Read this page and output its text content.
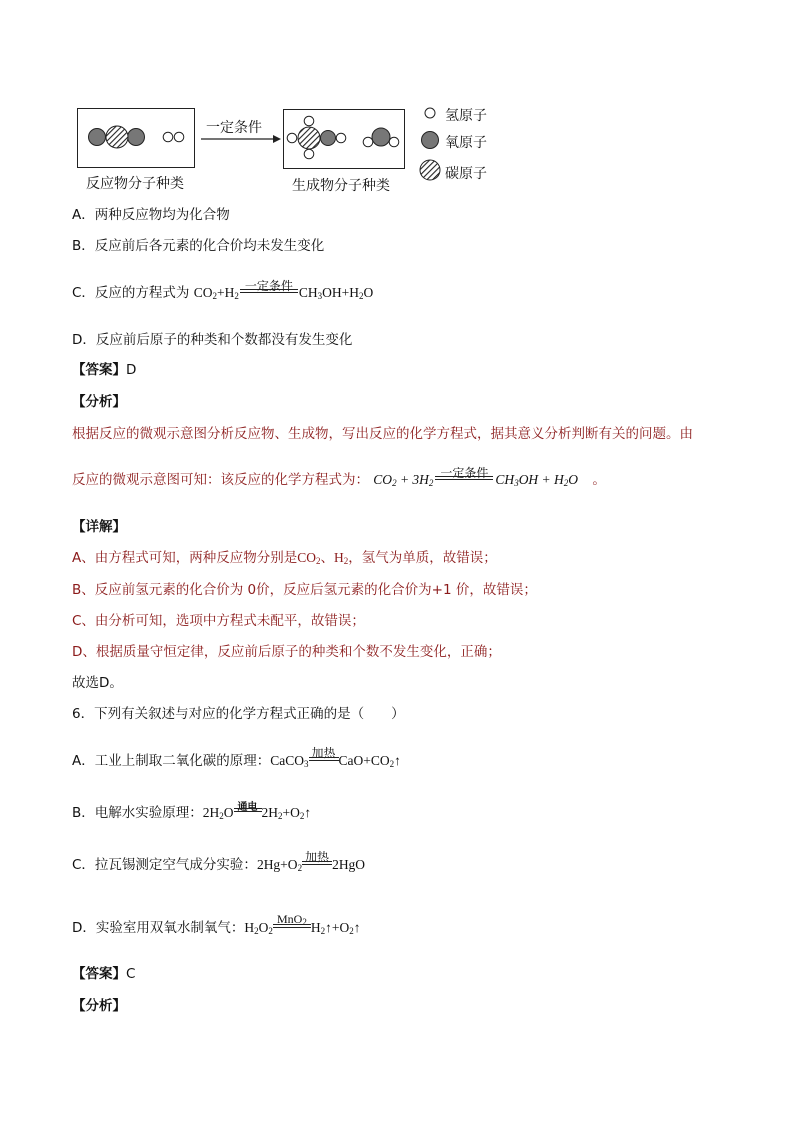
一定条件
反应物分子种类	生成物分子种类
氢原子
氧原子
碳原子
A．两种反应物均为化合物
B．反应前后各元素的化合价均未发生变化
C．反应的方程式为 $CO_2+H_2$
一定条件 $CH_3OH+H_2O$
D．反应前后原子的种类和个数都没有发生变化
【答案】D
【分析】
根据反应的微观示意图分析反应物、生成物，写出反应的化学方程式，据其意义分析判断有关的问题。由
反应的微观示意图可知：该反应的化学方程式为： $CO_2 + 3H_2$
一定条件 $CH_3OH + H_2O$ 。
【详解】
A、由方程式可知，两种反应物分别是$CO_2$、$H_2$，氢气为单质，故错误；
B、反应前氢元素的化合价为 0价，反应后氢元素的化合价为+1 价，故错误；
C、由分析可知，选项中方程式未配平，故错误；
D、根据质量守恒定律，反应前后原子的种类和个数不发生变化，正确；
故选D。
6．下列有关叙述与对应的化学方程式正确的是（　　）
A．工业上制取二氧化碳的原理：CaCO$_3$
加热 $CaO+CO_2↑$
B．电解水实验原理：$2H_2O$ 通电 $2H_2+O_2↑$
C．拉瓦锡测定空气成分实验：$2Hg+O_2$
加热 2HgO
D．实验室用双氧水制氧气：$H_2O_2$
MnO$_2$ $H_2↑+O_2↑$
【答案】C
【分析】
